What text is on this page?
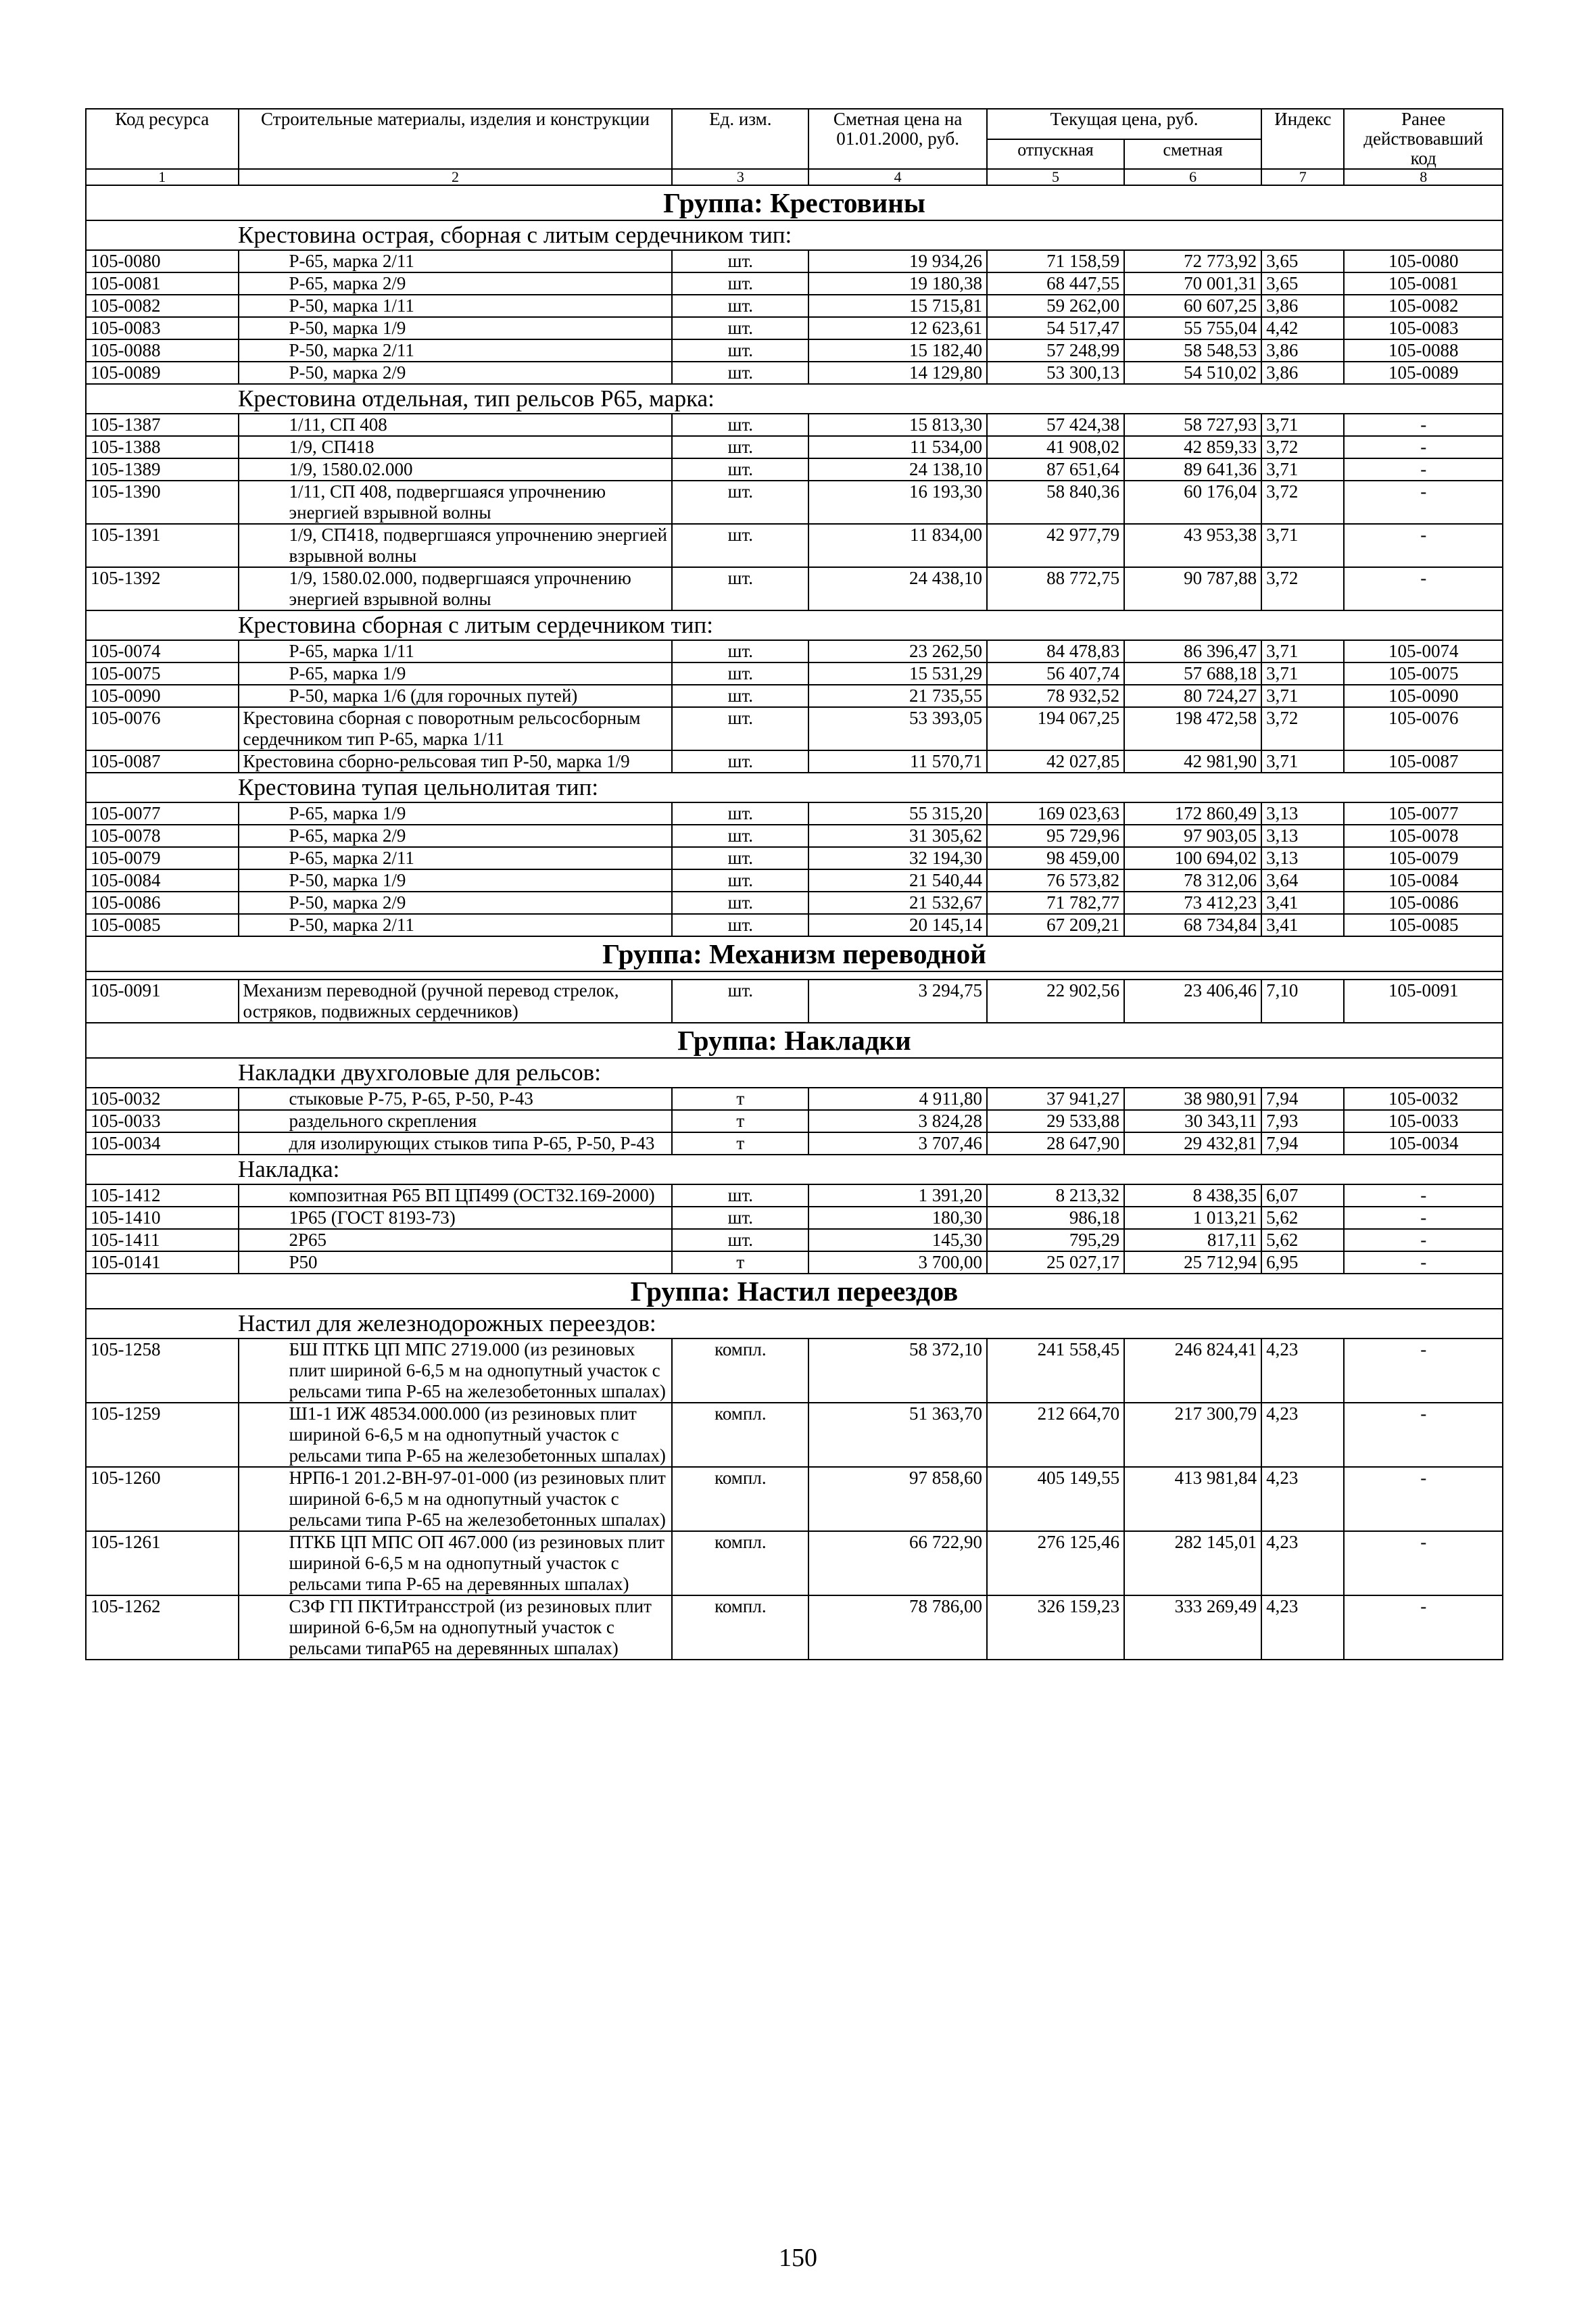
Код ресурса	Строительные материалы, изделия и конструкции	Ед. изм.	Сметная цена на 01.01.2000, руб.	Текущая цена, руб.		Индекс	Ранее действовавший код
				отпускная	сметная		
1	2	3	4	5	6	7	8
Группа: Крестовины							
Крестовина острая, сборная с литым сердечником тип:							
105-0080	Р-65, марка 2/11	шт.	19 934,26	71 158,59	72 773,92	3,65	105-0080
105-0081	Р-65, марка 2/9	шт.	19 180,38	68 447,55	70 001,31	3,65	105-0081
105-0082	Р-50, марка 1/11	шт.	15 715,81	59 262,00	60 607,25	3,86	105-0082
105-0083	Р-50, марка 1/9	шт.	12 623,61	54 517,47	55 755,04	4,42	105-0083
105-0088	Р-50, марка 2/11	шт.	15 182,40	57 248,99	58 548,53	3,86	105-0088
105-0089	Р-50, марка 2/9	шт.	14 129,80	53 300,13	54 510,02	3,86	105-0089
Крестовина отдельная, тип рельсов Р65, марка:							
105-1387	1/11, СП 408	шт.	15 813,30	57 424,38	58 727,93	3,71	-
105-1388	1/9, СП418	шт.	11 534,00	41 908,02	42 859,33	3,72	-
105-1389	1/9, 1580.02.000	шт.	24 138,10	87 651,64	89 641,36	3,71	-
105-1390	1/11, СП 408, подвергшаяся упрочнению энергией взрывной волны	шт.	16 193,30	58 840,36	60 176,04	3,72	-
105-1391	1/9, СП418, подвергшаяся упрочнению энергией взрывной волны	шт.	11 834,00	42 977,79	43 953,38	3,71	-
105-1392	1/9, 1580.02.000, подвергшаяся упрочнению энергией взрывной волны	шт.	24 438,10	88 772,75	90 787,88	3,72	-
Крестовина сборная с литым сердечником тип:							
105-0074	Р-65, марка 1/11	шт.	23 262,50	84 478,83	86 396,47	3,71	105-0074
105-0075	Р-65, марка 1/9	шт.	15 531,29	56 407,74	57 688,18	3,71	105-0075
105-0090	Р-50, марка 1/6 (для горочных путей)	шт.	21 735,55	78 932,52	80 724,27	3,71	105-0090
105-0076	Крестовина сборная с поворотным рельсосборным сердечником тип Р-65, марка 1/11	шт.	53 393,05	194 067,25	198 472,58	3,72	105-0076
105-0087	Крестовина сборно-рельсовая тип Р-50, марка 1/9	шт.	11 570,71	42 027,85	42 981,90	3,71	105-0087
Крестовина тупая цельнолитая тип:							
105-0077	Р-65, марка 1/9	шт.	55 315,20	169 023,63	172 860,49	3,13	105-0077
105-0078	Р-65, марка 2/9	шт.	31 305,62	95 729,96	97 903,05	3,13	105-0078
105-0079	Р-65, марка 2/11	шт.	32 194,30	98 459,00	100 694,02	3,13	105-0079
105-0084	Р-50, марка 1/9	шт.	21 540,44	76 573,82	78 312,06	3,64	105-0084
105-0086	Р-50, марка 2/9	шт.	21 532,67	71 782,77	73 412,23	3,41	105-0086
105-0085	Р-50, марка 2/11	шт.	20 145,14	67 209,21	68 734,84	3,41	105-0085
Группа: Механизм переводной							

105-0091	Механизм переводной (ручной перевод стрелок, остряков, подвижных сердечников)	шт.	3 294,75	22 902,56	23 406,46	7,10	105-0091
Группа: Накладки							
Накладки двухголовые для рельсов:							
105-0032	стыковые Р-75, Р-65, Р-50, Р-43	т	4 911,80	37 941,27	38 980,91	7,94	105-0032
105-0033	раздельного скрепления	т	3 824,28	29 533,88	30 343,11	7,93	105-0033
105-0034	для изолирующих стыков типа Р-65, Р-50, Р-43	т	3 707,46	28 647,90	29 432,81	7,94	105-0034
Накладка:							
105-1412	композитная Р65 ВП ЦП499 (ОСТ32.169-2000)	шт.	1 391,20	8 213,32	8 438,35	6,07	-
105-1410	1Р65 (ГОСТ 8193-73)	шт.	180,30	986,18	1 013,21	5,62	-
105-1411	2Р65	шт.	145,30	795,29	817,11	5,62	-
105-0141	Р50	т	3 700,00	25 027,17	25 712,94	6,95	-
Группа: Настил переездов							
Настил для железнодорожных переездов:							
105-1258	БШ ПТКБ ЦП МПС 2719.000 (из резиновых плит шириной 6-6,5 м на однопутный участок с рельсами типа Р-65 на железобетонных шпалах)	компл.	58 372,10	241 558,45	246 824,41	4,23	-
105-1259	Ш1-1 ИЖ 48534.000.000 (из резиновых плит шириной 6-6,5 м на однопутный участок с рельсами типа Р-65 на железобетонных шпалах)	компл.	51 363,70	212 664,70	217 300,79	4,23	-
105-1260	НРП6-1 201.2-ВН-97-01-000 (из резиновых плит шириной 6-6,5 м на однопутный участок с рельсами типа Р-65 на железобетонных шпалах)	компл.	97 858,60	405 149,55	413 981,84	4,23	-
105-1261	ПТКБ ЦП МПС ОП 467.000 (из резиновых плит шириной 6-6,5 м на однопутный участок с рельсами типа Р-65 на деревянных шпалах)	компл.	66 722,90	276 125,46	282 145,01	4,23	-
105-1262	СЗФ ГП ПКТИтрансстрой (из резиновых плит шириной 6-6,5м на однопутный участок с рельсами типаР65 на деревянных шпалах)	компл.	78 786,00	326 159,23	333 269,49	4,23	-
150
